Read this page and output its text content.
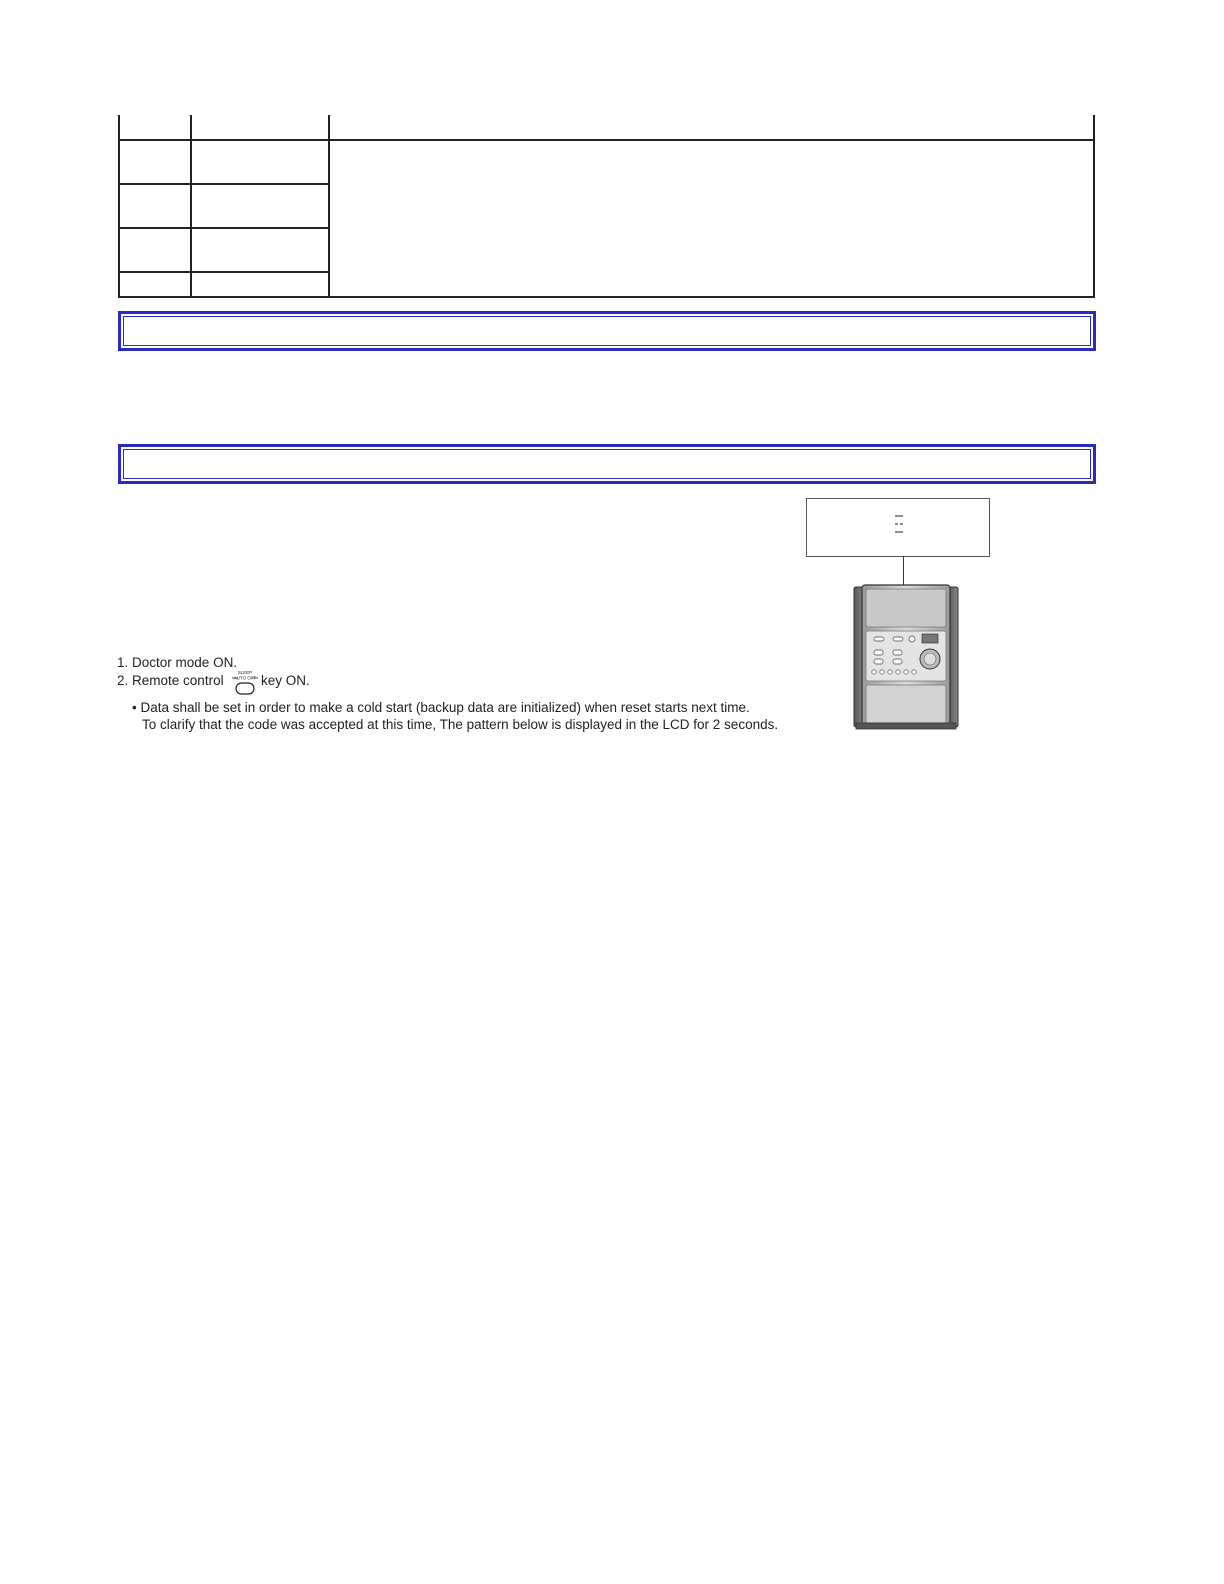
1. Doctor mode ON.
2. Remote control
SLEEP
AUTO OFF key ON.
• Data shall be set in order to make a cold start (backup data are initialized) when reset starts next time.
To clarify that the code was accepted at this time, The pattern below is displayed in the LCD for 2 seconds.
